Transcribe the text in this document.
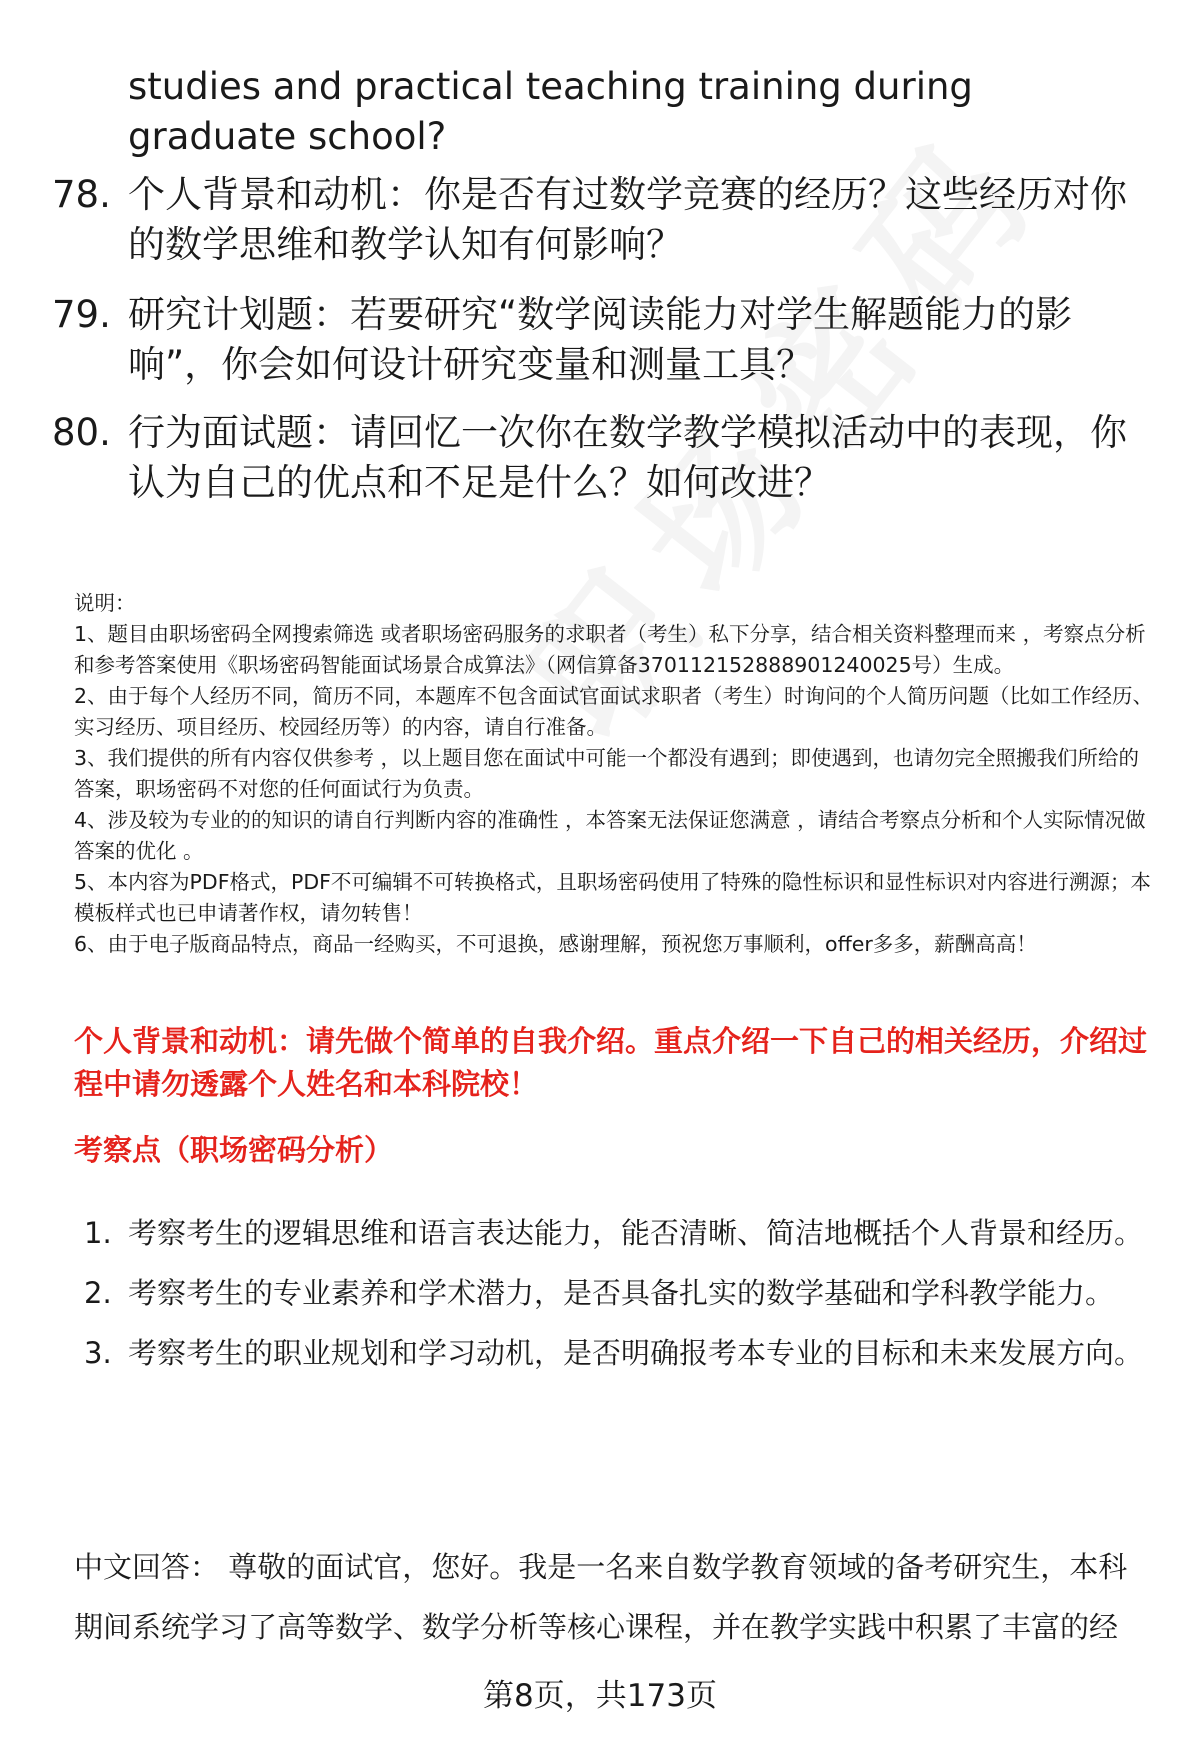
studies and practical teaching training during graduate school?

78. 个人背景和动机：你是否有过数学竞赛的经历？这些经历对你的数学思维和教学认知有何影响？
79. 研究计划题：若要研究“数学阅读能力对学生解题能力的影响”，你会如何设计研究变量和测量工具？
80. 行为面试题：请回忆一次你在数学教学模拟活动中的表现，你认为自己的优点和不足是什么？如何改进？
说明：
1、题目由职场密码全网搜索筛选 或者职场密码服务的求职者（考生）私下分享，结合相关资料整理而来 ，考察点分析和参考答案使用《职场密码智能面试场景合成算法》（网信算备370112152888901240025号）生成。
2、由于每个人经历不同，简历不同，本题库不包含面试官面试求职者（考生）时询问的个人简历问题（比如工作经历、实习经历、项目经历、校园经历等）的内容，请自行准备。
3、我们提供的所有内容仅供参考 ，以上题目您在面试中可能一个都没有遇到；即使遇到，也请勿完全照搬我们所给的答案，职场密码不对您的任何面试行为负责。
4、涉及较为专业的的知识的请自行判断内容的准确性 ，本答案无法保证您满意 ，请结合考察点分析和个人实际情况做答案的优化 。
5、本内容为PDF格式，PDF不可编辑不可转换格式，且职场密码使用了特殊的隐性标识和显性标识对内容进行溯源；本模板样式也已申请著作权，请勿转售！
6、由于电子版商品特点，商品一经购买，不可退换，感谢理解，预祝您万事顺利，offer多多，薪酬高高！

个人背景和动机：请先做个简单的自我介绍。重点介绍一下自己的相关经历，介绍过程中请勿透露个人姓名和本科院校！

考察点（职场密码分析）

1. 考察考生的逻辑思维和语言表达能力，能否清晰、简洁地概括个人背景和经历。
2. 考察考生的专业素养和学术潜力，是否具备扎实的数学基础和学科教学能力。
3. 考察考生的职业规划和学习动机，是否明确报考本专业的目标和未来发展方向。

中文回答： 尊敬的面试官，您好。我是一名来自数学教育领域的备考研究生，本科期间系统学习了高等数学、数学分析等核心课程，并在教学实践中积累了丰富的经

第8页，共173页
